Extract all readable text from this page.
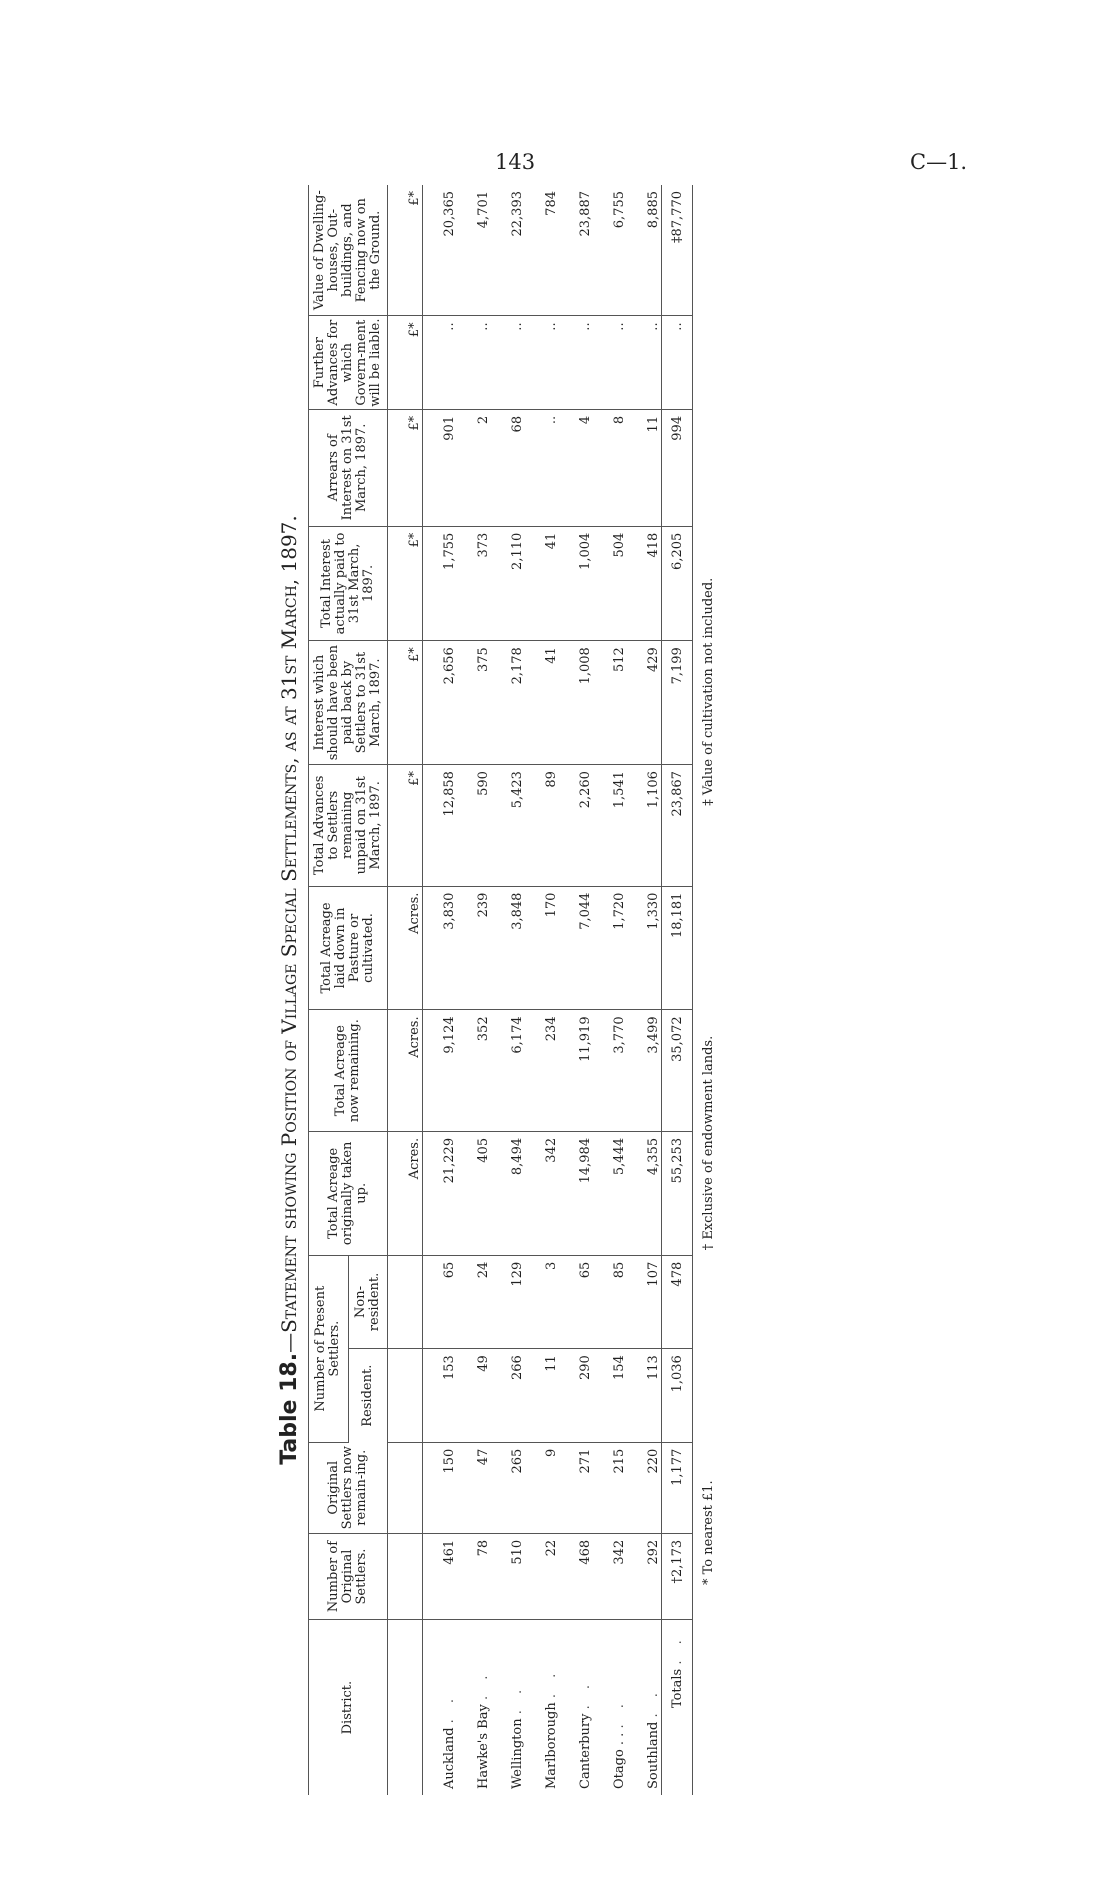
143	C—1.
Table 18.—Statement showing Position of Village Special Settlements, as at 31st March, 1897.
District.	Number of Original Settlers.	Original Settlers now remain-ing.	Number of Present Settlers.		Total Acreage originally taken up.	Total Acreage now remaining.	Total Acreage laid down in Pasture or cultivated.	Total Advances to Settlers remaining unpaid on 31st March, 1897.	Interest which should have been paid back by Settlers to 31st March, 1897.	Total Interest actually paid to 31st March, 1897.	Arrears of Interest on 31st March, 1897.	Further Advances for which Govern-ment will be liable.	Value of Dwelling-houses, Out-buildings, and Fencing now on the Ground.
			Resident.	Non-resident.									
					Acres.	Acres.	Acres.	£*	£*	£*	£*	£*	£*
Auckland . .	461	150	153	65	21,229	9,124	3,830	12,858	2,656	1,755	901	..	20,365
Hawke's Bay . .	78	47	49	24	405	352	239	590	375	373	2	..	4,701
Wellington . .	510	265	266	129	8,494	6,174	3,848	5,423	2,178	2,110	68	..	22,393
Marlborough . .	22	9	11	3	342	234	170	89	41	41	..	..	784
Canterbury . .	468	271	290	65	14,984	11,919	7,044	2,260	1,008	1,004	4	..	23,887
Otago . . . .	342	215	154	85	5,444	3,770	1,720	1,541	512	504	8	..	6,755
Southland . .	292	220	113	107	4,355	3,499	1,330	1,106	429	418	11	..	8,885
Totals . .	†2,173	1,177	1,036	478	55,253	35,072	18,181	23,867	7,199	6,205	994	..	‡87,770
* To nearest £1.
† Exclusive of endowment lands.
‡ Value of cultivation not included.
